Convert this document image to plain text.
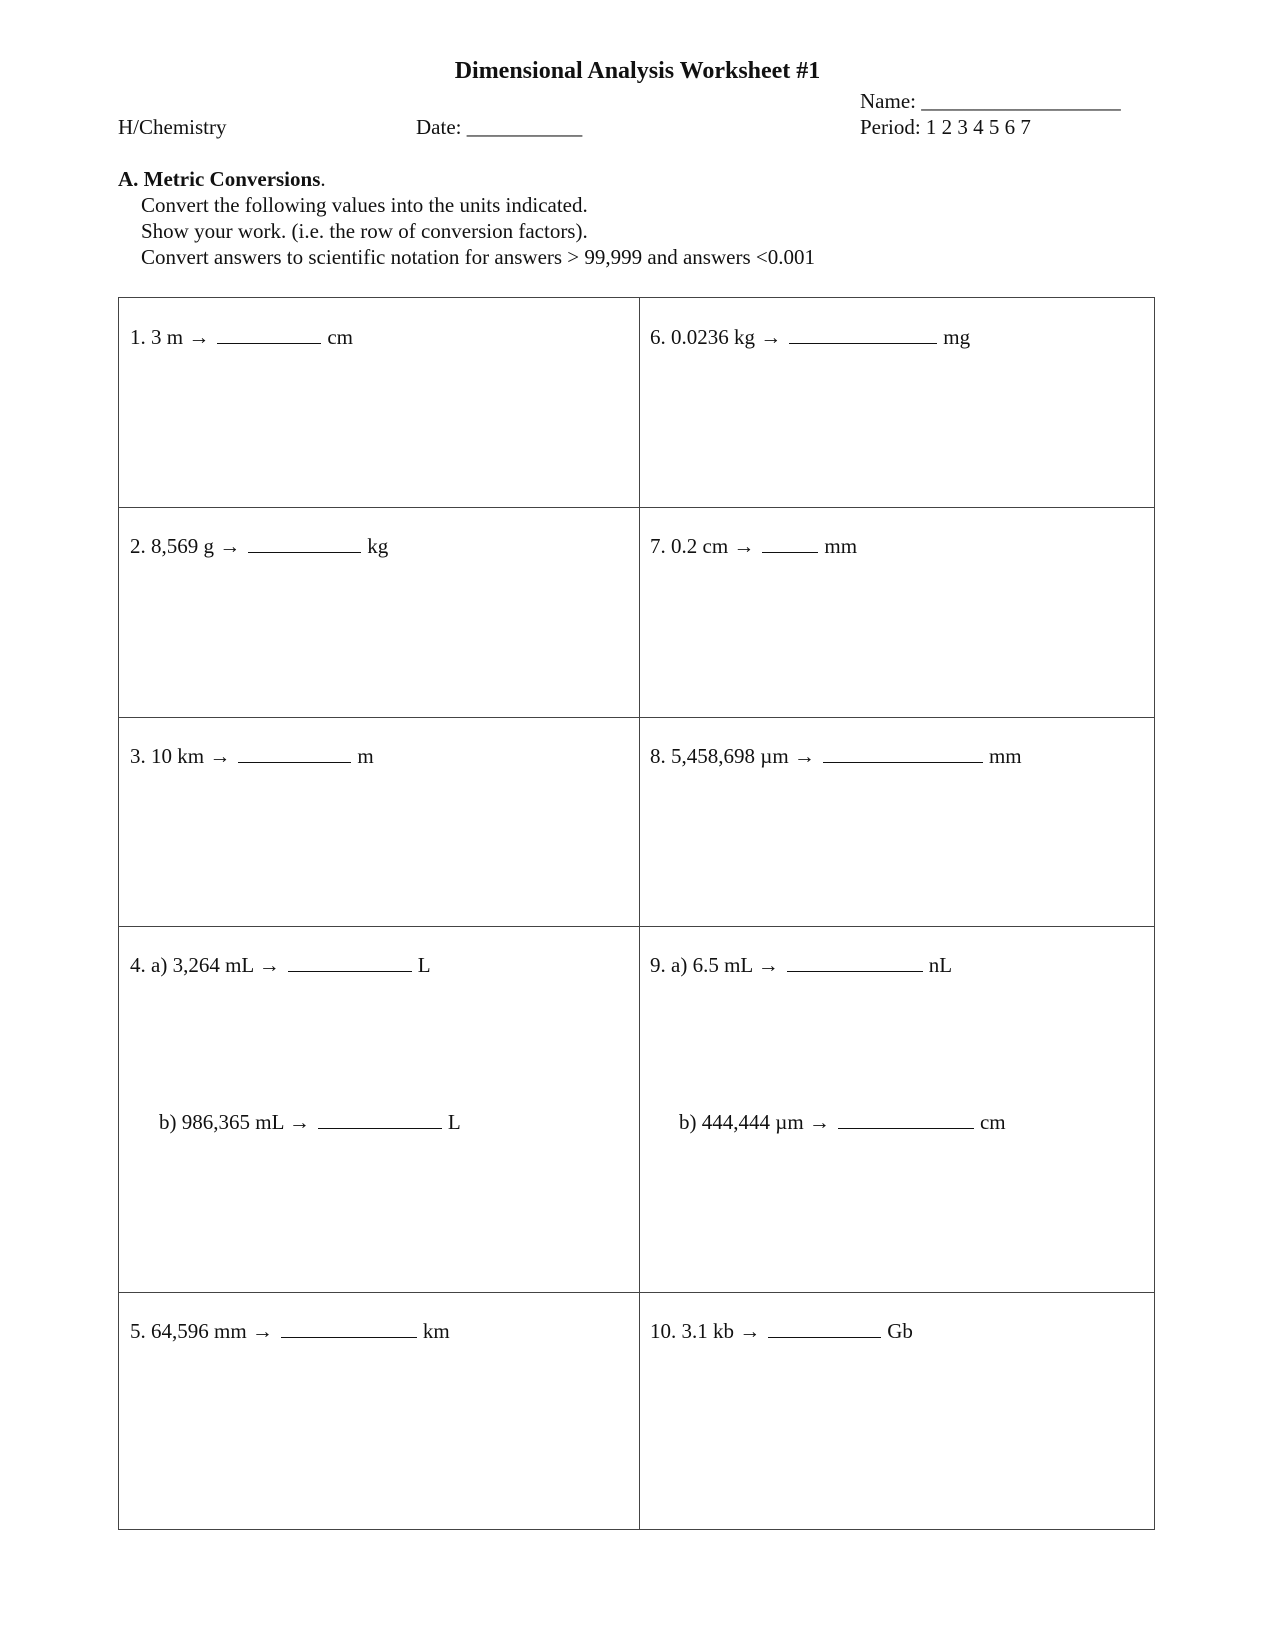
Dimensional Analysis Worksheet #1
H/Chemistry	Date: ___________
Name: ___________________
Period: 1 2 3 4 5 6 7
A. Metric Conversions.
Convert the following values into the units indicated.
Show your work. (i.e. the row of conversion factors).
Convert answers to scientific notation for answers > 99,999 and answers <0.001
1. 3 m →	cm	6. 0.0236 kg →	mg
2. 8,569 g →	kg	7. 0.2 cm →	mm
3. 10 km →	m	8. 5,458,698 µm →	mm
4. a) 3,264 mL →	L	9. a) 6.5 mL →	nL
b) 986,365 mL →	L	b) 444,444 µm →	cm
5. 64,596 mm →	km	10. 3.1 kb →	Gb
